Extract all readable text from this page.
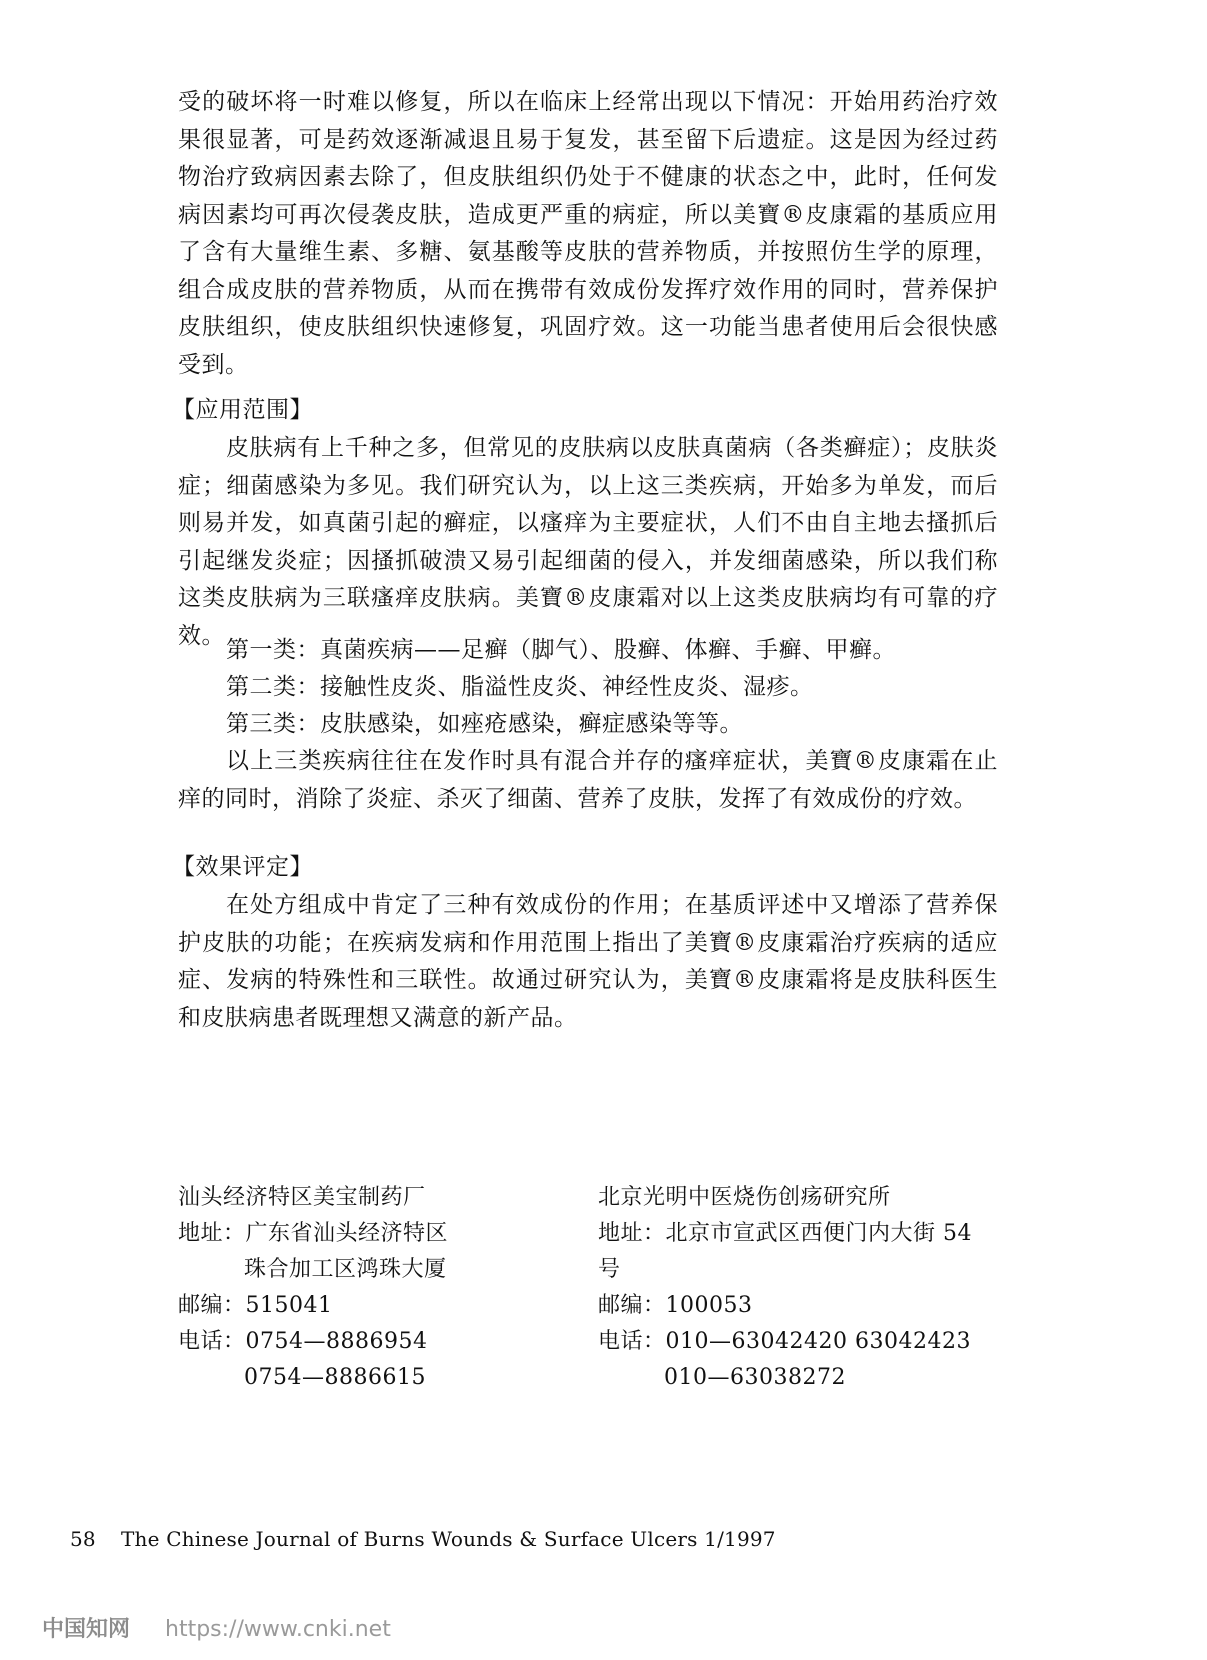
受的破坏将一时难以修复，所以在临床上经常出现以下情况：开始用药治疗效果很显著，可是药效逐渐减退且易于复发，甚至留下后遗症。这是因为经过药物治疗致病因素去除了，但皮肤组织仍处于不健康的状态之中，此时，任何发病因素均可再次侵袭皮肤，造成更严重的病症，所以美寶®皮康霜的基质应用了含有大量维生素、多糖、氨基酸等皮肤的营养物质，并按照仿生学的原理，组合成皮肤的营养物质，从而在携带有效成份发挥疗效作用的同时，营养保护皮肤组织，使皮肤组织快速修复，巩固疗效。这一功能当患者使用后会很快感受到。

【应用范围】

皮肤病有上千种之多，但常见的皮肤病以皮肤真菌病（各类癣症）；皮肤炎症；细菌感染为多见。我们研究认为，以上这三类疾病，开始多为单发，而后则易并发，如真菌引起的癣症，以瘙痒为主要症状，人们不由自主地去搔抓后引起继发炎症；因搔抓破溃又易引起细菌的侵入，并发细菌感染，所以我们称这类皮肤病为三联瘙痒皮肤病。美寶®皮康霜对以上这类皮肤病均有可靠的疗效。

第一类：真菌疾病——足癣（脚气）、股癣、体癣、手癣、甲癣。

第二类：接触性皮炎、脂溢性皮炎、神经性皮炎、湿疹。

第三类：皮肤感染，如痤疮感染，癣症感染等等。

以上三类疾病往往在发作时具有混合并存的瘙痒症状，美寶®皮康霜在止痒的同时，消除了炎症、杀灭了细菌、营养了皮肤，发挥了有效成份的疗效。

【效果评定】

在处方组成中肯定了三种有效成份的作用；在基质评述中又增添了营养保护皮肤的功能；在疾病发病和作用范围上指出了美寶®皮康霜治疗疾病的适应症、发病的特殊性和三联性。故通过研究认为，美寶®皮康霜将是皮肤科医生和皮肤病患者既理想又满意的新产品。

汕头经济特区美宝制药厂

地址：广东省汕头经济特区

珠合加工区鸿珠大厦

邮编：515041

电话：0754—8886954

0754—8886615

北京光明中医烧伤创疡研究所

地址：北京市宣武区西便门内大街 54 号

邮编：100053

电话：010—63042420 63042423

010—63038272

58 The Chinese Journal of Burns Wounds & Surface Ulcers 1/1997
中国知网 https://www.cnki.net
